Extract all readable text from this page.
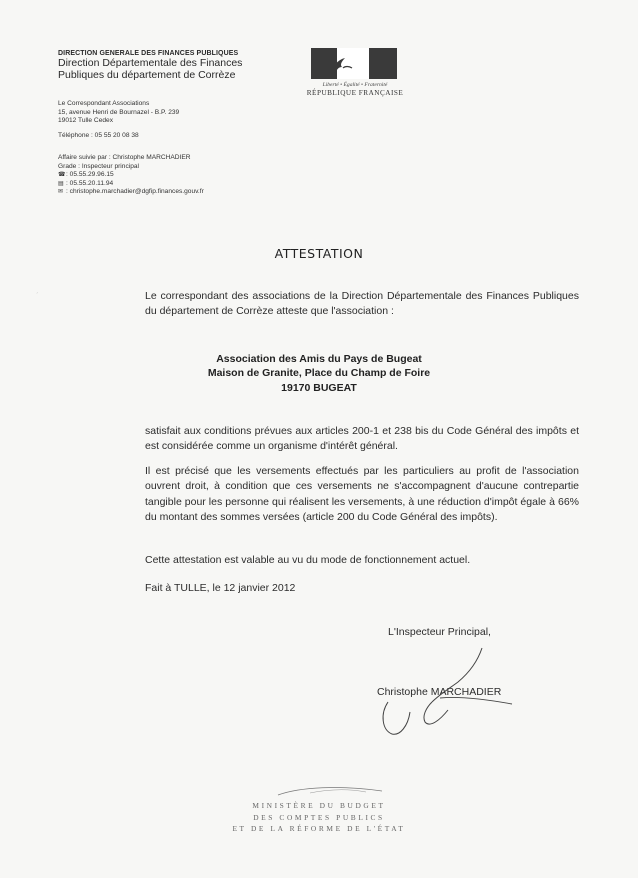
DIRECTION GENERALE DES FINANCES PUBLIQUES
Direction Départementale des Finances
Publiques du département de Corrèze
Le Correspondant Associations
15, avenue Henri de Bournazel - B.P. 239
19012 Tulle Cedex
Téléphone : 05 55 20 08 38
Affaire suivie par : Christophe MARCHADIER
Grade : Inspecteur principal
☎: 05.55.29.96.15
▤ : 05.55.20.11.94
✉ : christophe.marchadier@dgfip.finances.gouv.fr
Liberté • Égalité • Fraternité
RÉPUBLIQUE FRANÇAISE
ˏ
ATTESTATION
Le correspondant des associations de la Direction Départementale des Finances Publiques du département de Corrèze atteste que l'association :
Association des Amis du Pays de Bugeat
Maison de Granite, Place du Champ de Foire
19170 BUGEAT
satisfait aux conditions prévues aux articles 200-1 et 238 bis du Code Général des impôts et est considérée comme un organisme d'intérêt général.
Il est précisé que les versements effectués par les particuliers au profit de l'association ouvrent droit, à condition que ces versements ne s'accompagnent d'aucune contrepartie tangible pour les personne qui réalisent les versements, à une réduction d'impôt égale à 66% du montant des sommes versées (article 200 du Code Général des impôts).
Cette attestation est valable au vu du mode de fonctionnement actuel.
Fait à TULLE, le 12 janvier 2012
L'Inspecteur Principal,
Christophe MARCHADIER
MINISTÈRE DU BUDGET
DES COMPTES PUBLICS
ET DE LA RÉFORME DE L'ÉTAT
